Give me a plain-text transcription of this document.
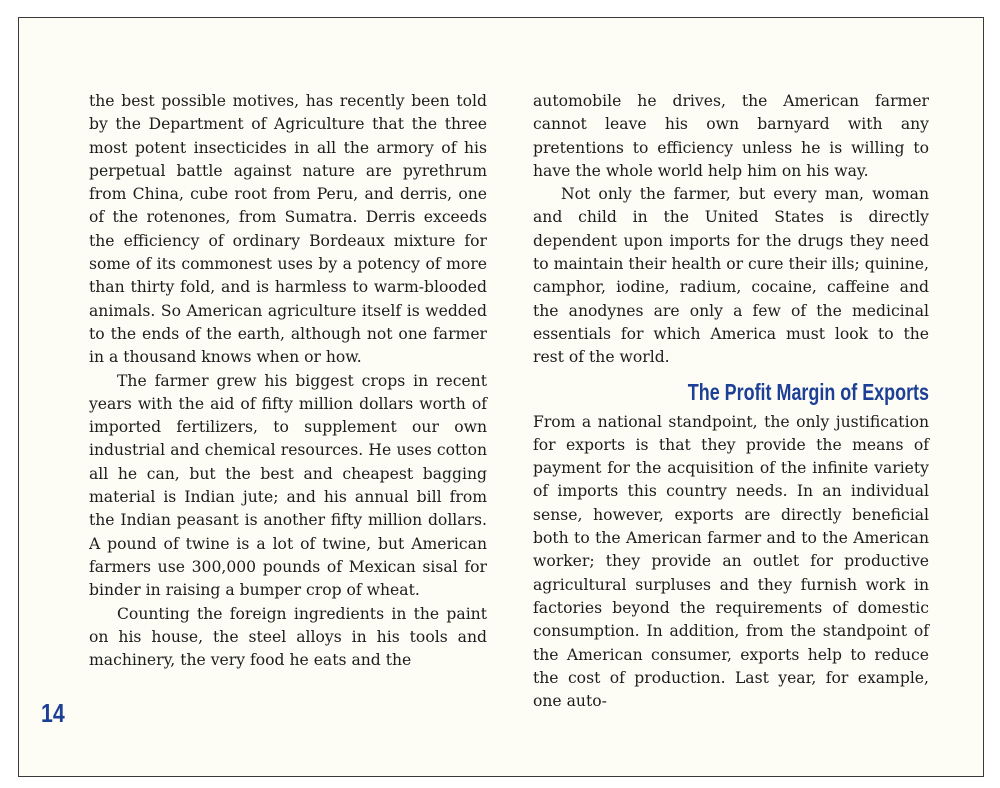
the best possible motives, has recently been told by the Department of Agriculture that the three most potent insecticides in all the armory of his perpetual battle against nature are pyrethrum from China, cube root from Peru, and derris, one of the rotenones, from Sumatra. Derris exceeds the efficiency of ordinary Bordeaux mixture for some of its commonest uses by a potency of more than thirty fold, and is harmless to warm-blooded animals. So American agriculture itself is wedded to the ends of the earth, although not one farmer in a thousand knows when or how.

The farmer grew his biggest crops in recent years with the aid of fifty million dollars worth of imported fertilizers, to supplement our own industrial and chemical resources. He uses cotton all he can, but the best and cheapest bagging material is Indian jute; and his annual bill from the Indian peasant is another fifty million dollars. A pound of twine is a lot of twine, but American farmers use 300,000 pounds of Mexican sisal for binder in raising a bumper crop of wheat.

Counting the foreign ingredients in the paint on his house, the steel alloys in his tools and machinery, the very food he eats and the

automobile he drives, the American farmer cannot leave his own barnyard with any pretentions to efficiency unless he is willing to have the whole world help him on his way.

Not only the farmer, but every man, woman and child in the United States is directly dependent upon imports for the drugs they need to maintain their health or cure their ills; quinine, camphor, iodine, radium, cocaine, caffeine and the anodynes are only a few of the medicinal essentials for which America must look to the rest of the world.

The Profit Margin of Exports

From a national standpoint, the only justification for exports is that they provide the means of payment for the acquisition of the infinite variety of imports this country needs. In an individual sense, however, exports are directly beneficial both to the American farmer and to the American worker; they provide an outlet for productive agricultural surpluses and they furnish work in factories beyond the requirements of domestic consumption. In addition, from the standpoint of the American consumer, exports help to reduce the cost of production. Last year, for example, one auto-

14
